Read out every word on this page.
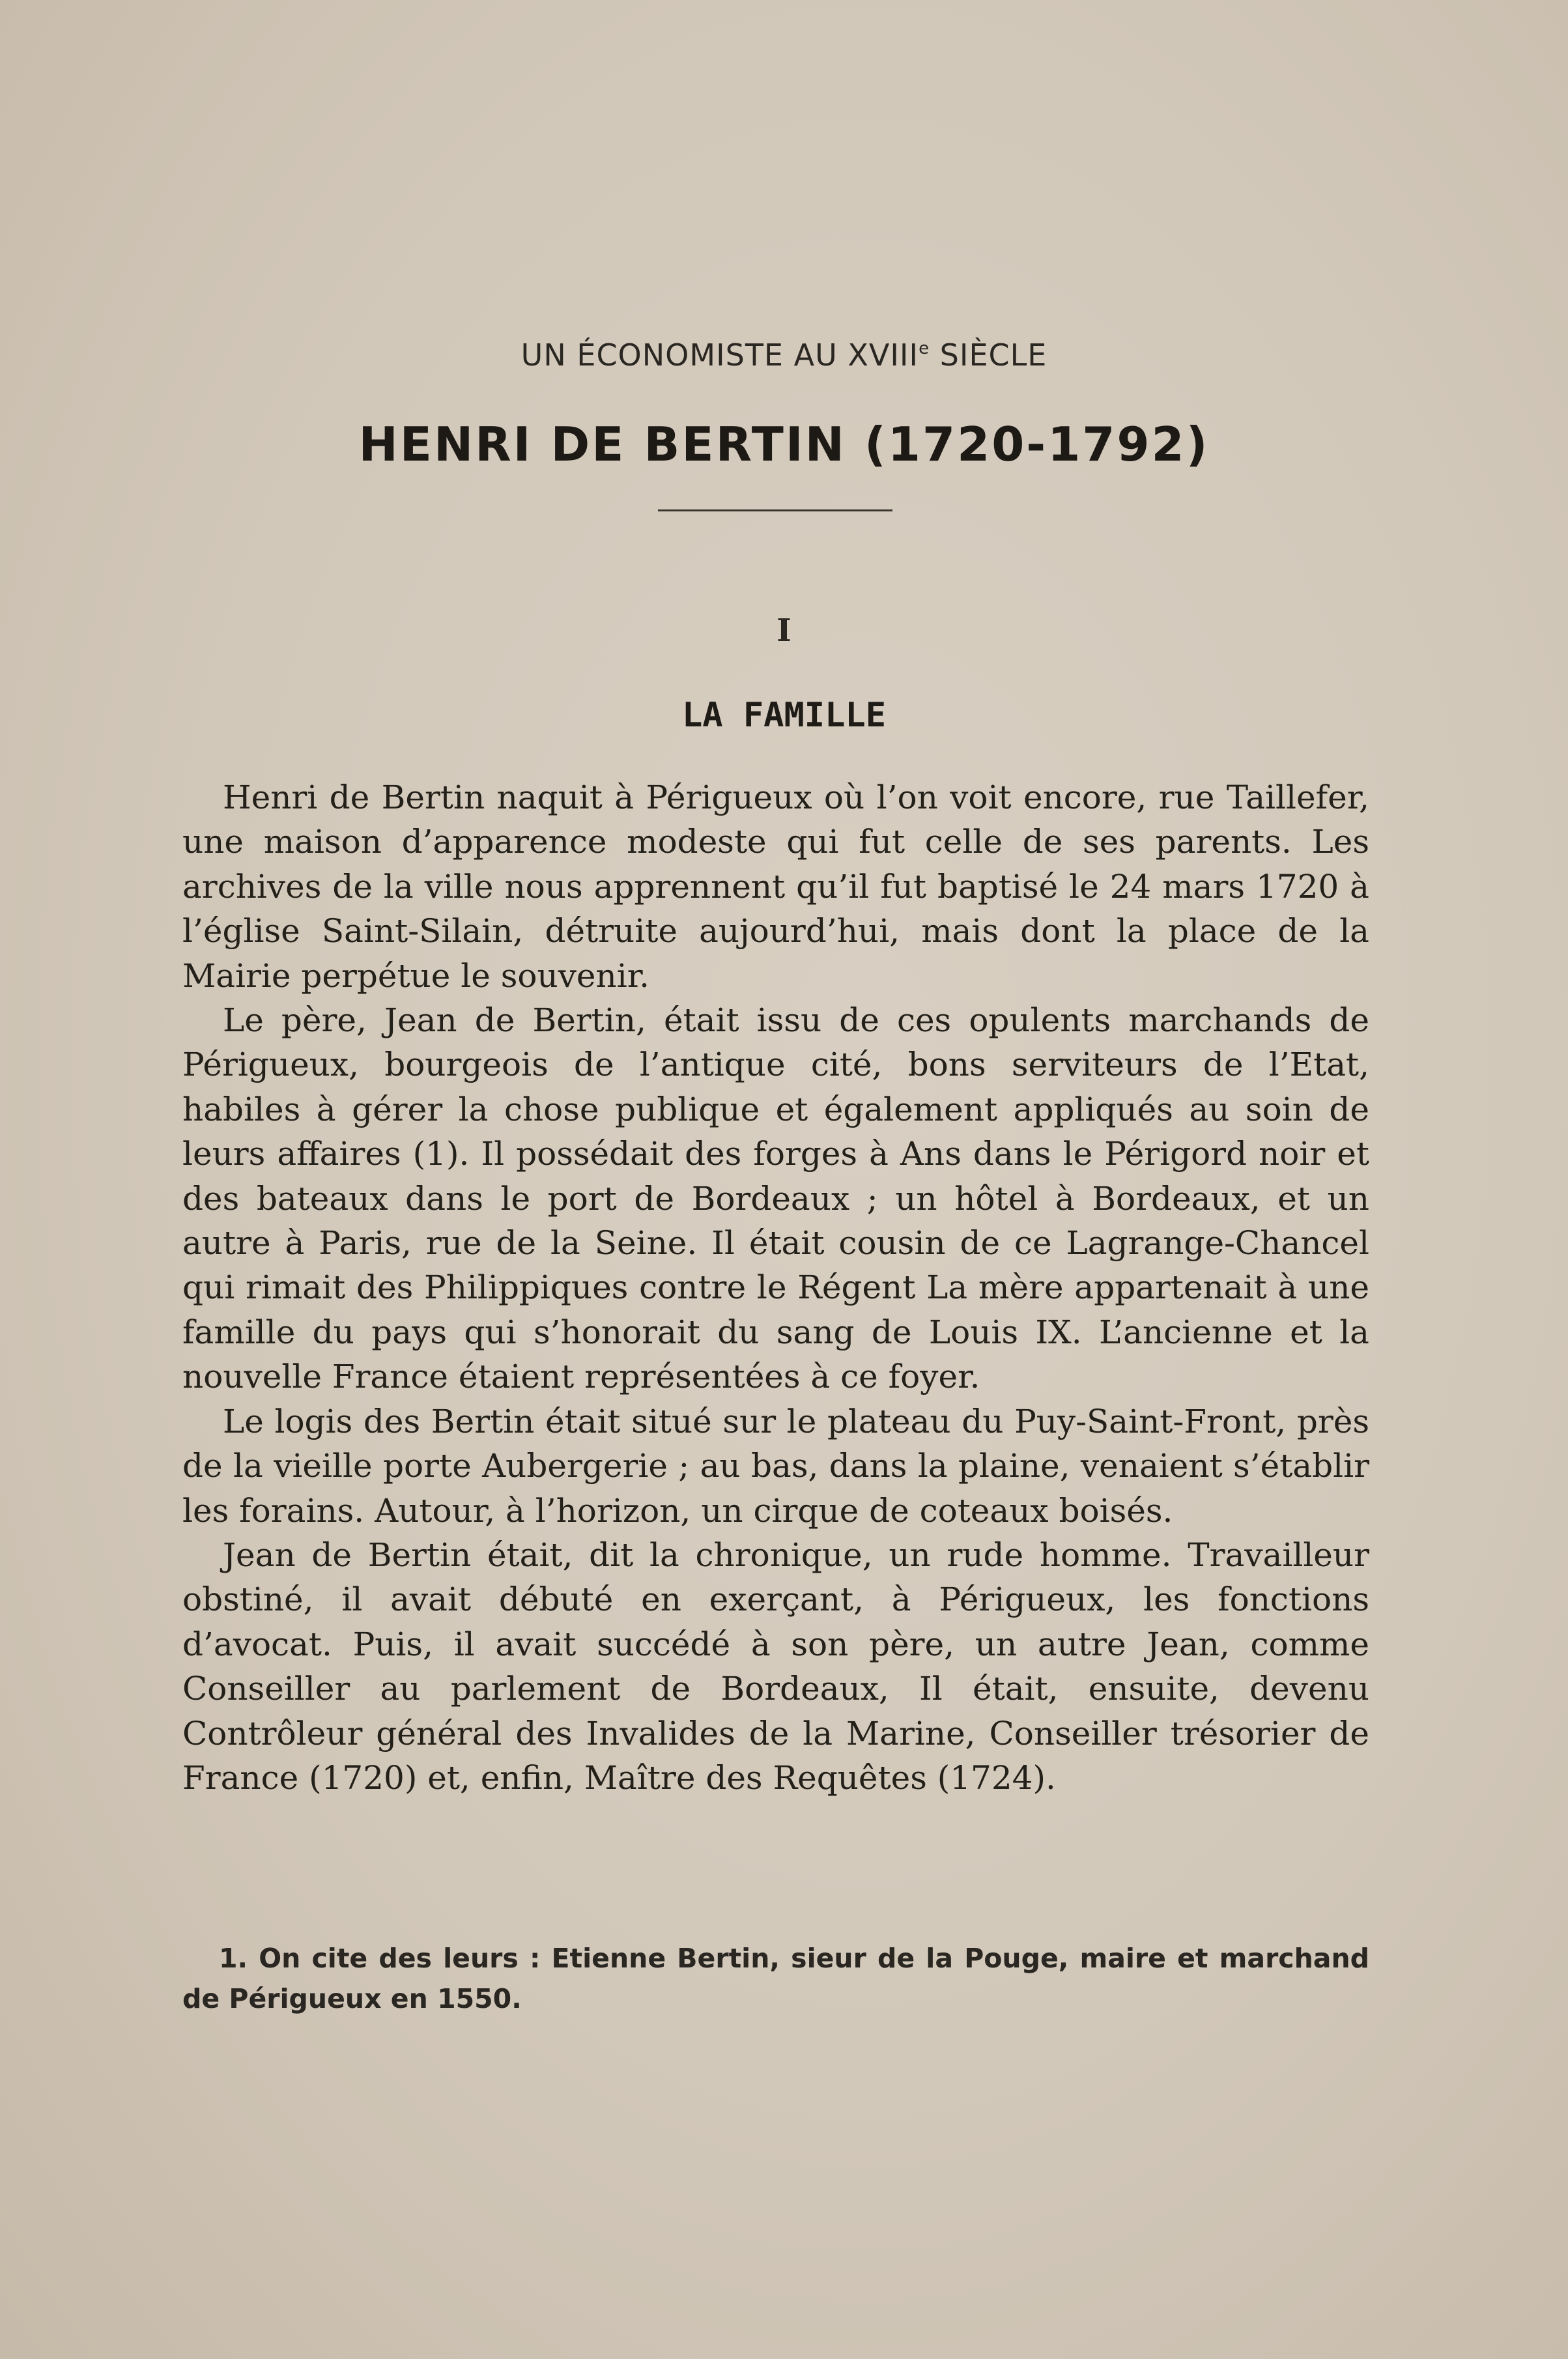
UN ÉCONOMISTE AU XVIIIe SIÈCLE
HENRI DE BERTIN (1720-1792)
I
LA FAMILLE

Henri de Bertin naquit à Périgueux où l’on voit encore, rue Taillefer, une maison d’apparence modeste qui fut celle de ses parents. Les archives de la ville nous apprennent qu’il fut baptisé le 24 mars 1720 à l’église Saint-Silain, détruite aujourd’hui, mais dont la place de la Mairie perpétue le souvenir.

Le père, Jean de Bertin, était issu de ces opulents marchands de Périgueux, bourgeois de l’antique cité, bons serviteurs de l’Etat, habiles à gérer la chose publique et également appliqués au soin de leurs affaires (1). Il possédait des forges à Ans dans le Périgord noir et des bateaux dans le port de Bordeaux ; un hôtel à Bordeaux, et un autre à Paris, rue de la Seine. Il était cousin de ce Lagrange-Chancel qui rimait des Philippiques contre le Régent La mère appartenait à une famille du pays qui s’honorait du sang de Louis IX. L’ancienne et la nouvelle France étaient représentées à ce foyer.

Le logis des Bertin était situé sur le plateau du Puy-Saint-Front, près de la vieille porte Aubergerie ; au bas, dans la plaine, venaient s’établir les forains. Autour, à l’horizon, un cirque de coteaux boisés.

Jean de Bertin était, dit la chronique, un rude homme. Travailleur obstiné, il avait débuté en exerçant, à Périgueux, les fonctions d’avocat. Puis, il avait succédé à son père, un autre Jean, comme Conseiller au parlement de Bordeaux, Il était, ensuite, devenu Contrôleur général des Invalides de la Marine, Conseiller trésorier de France (1720) et, enfin, Maître des Requêtes (1724).

1. On cite des leurs : Etienne Bertin, sieur de la Pouge, maire et marchand de Périgueux en 1550.
